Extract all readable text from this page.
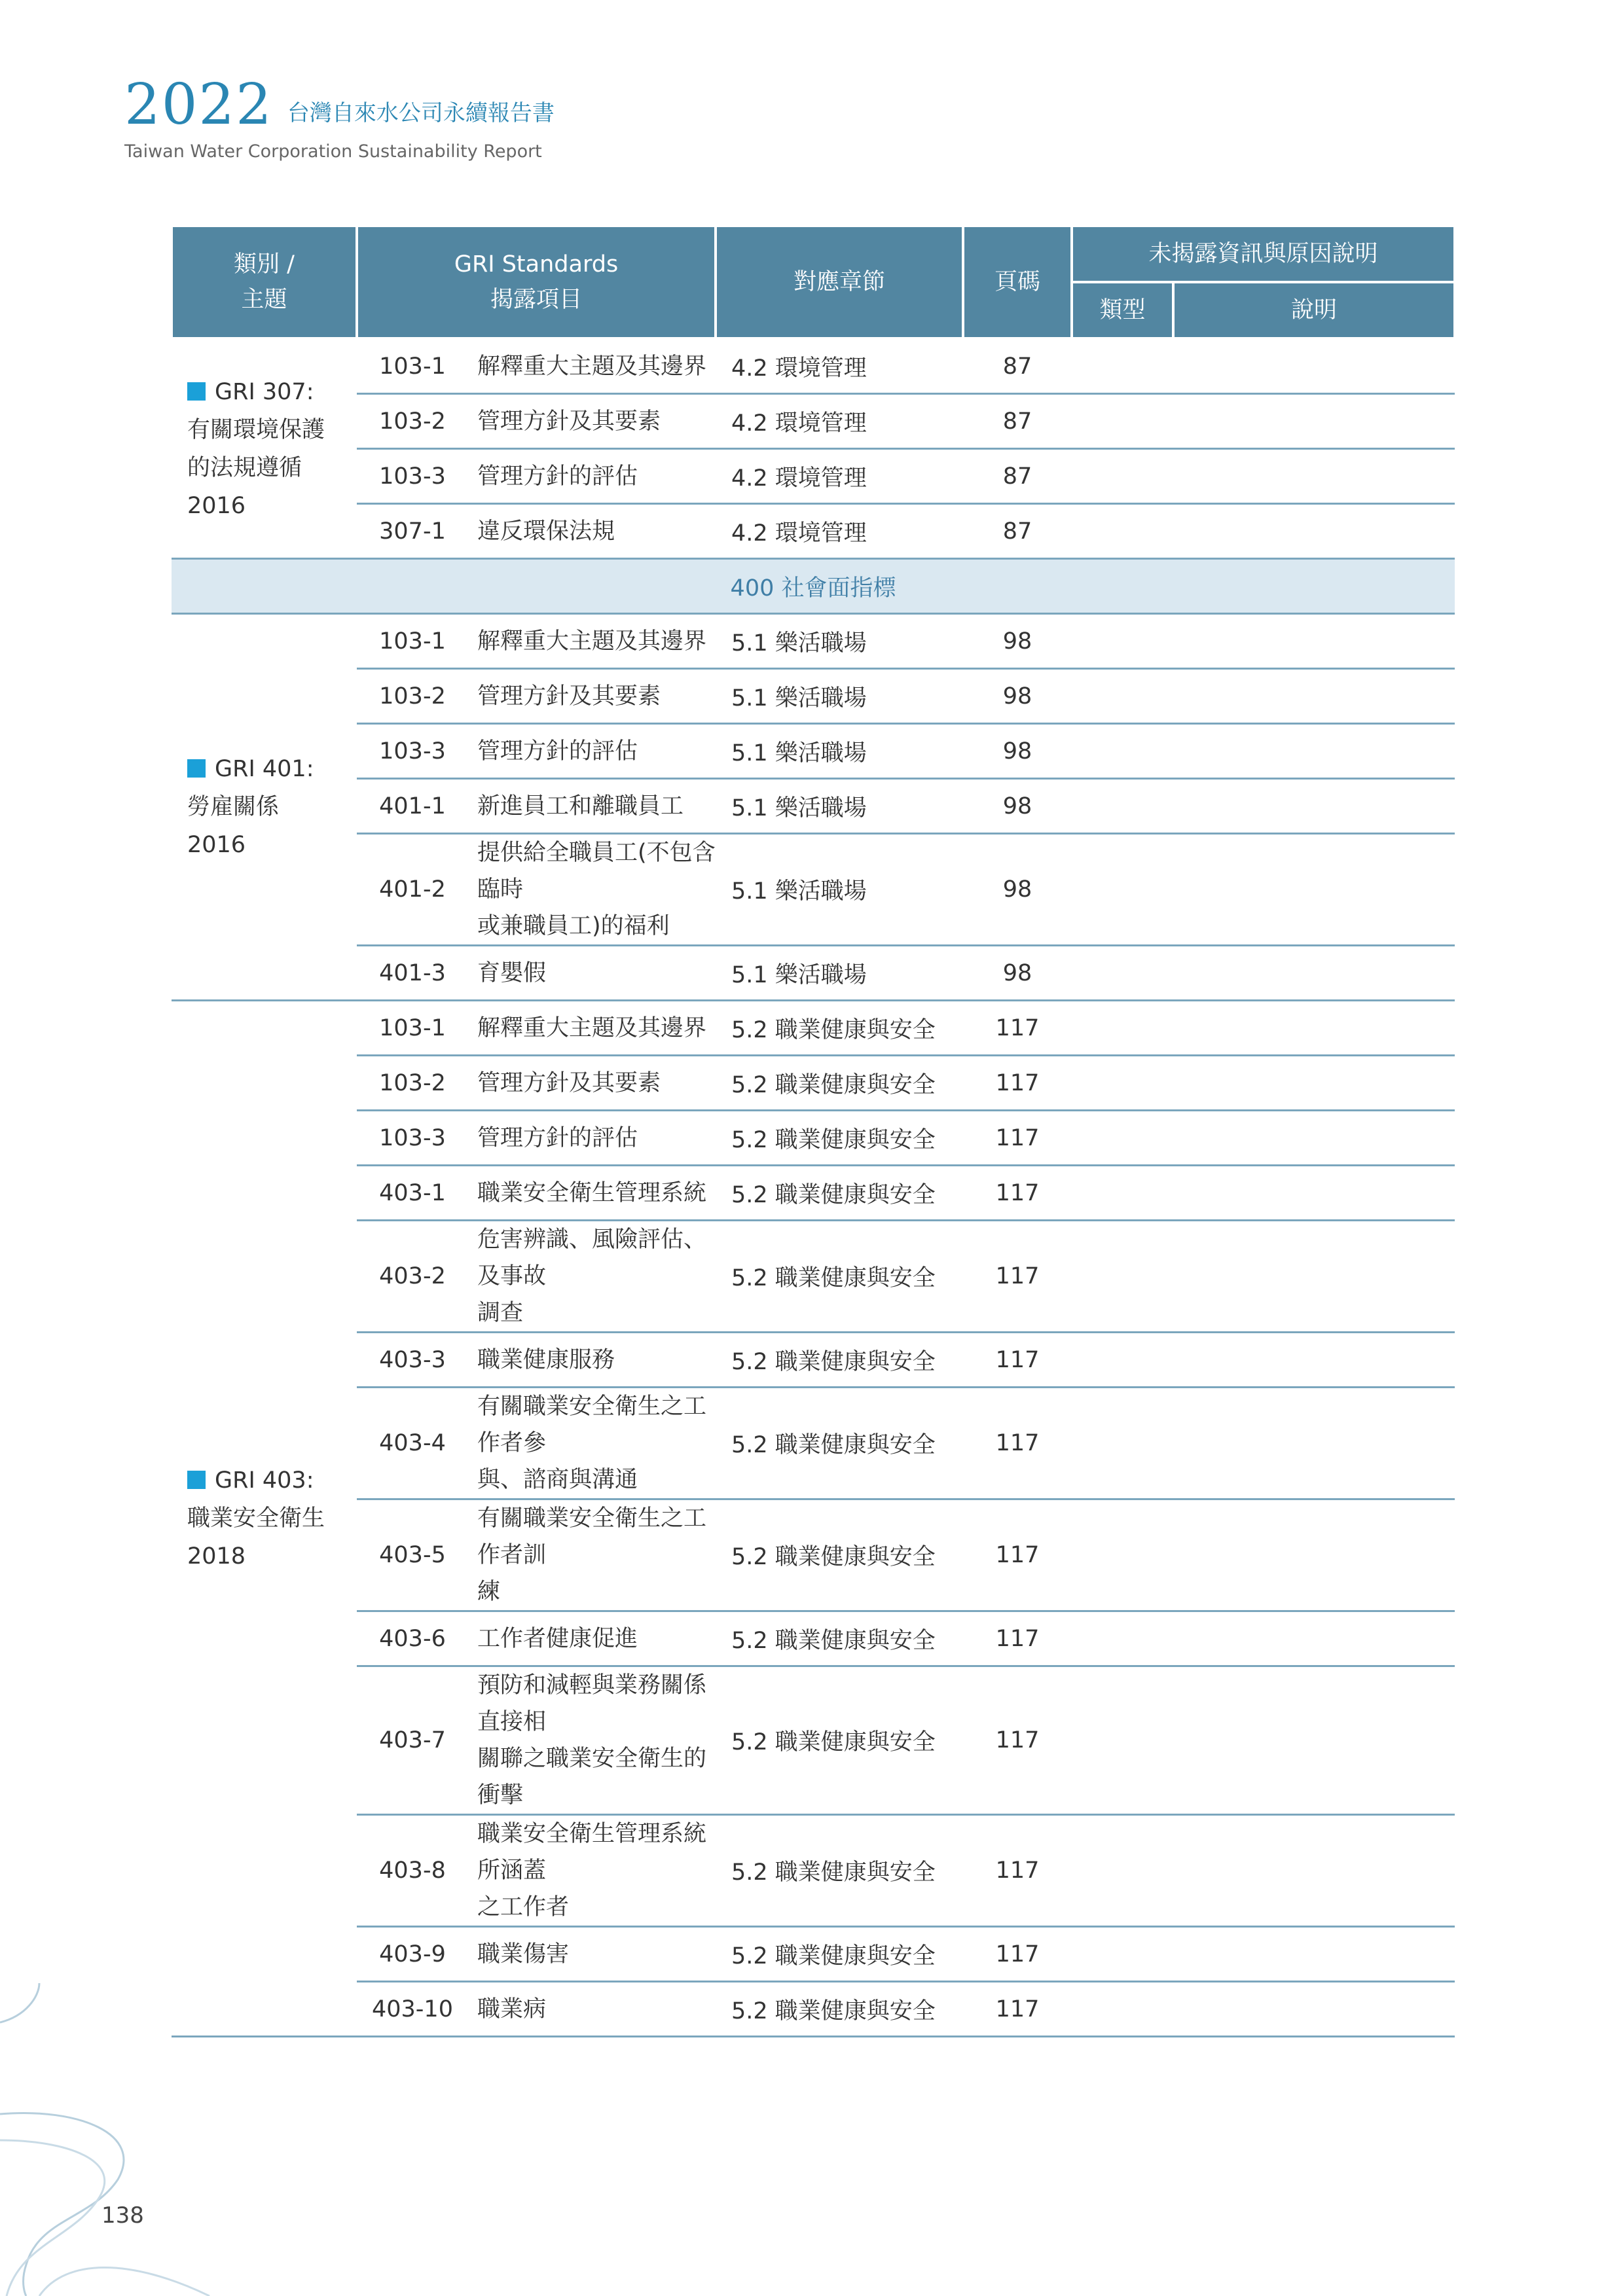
2022 台灣自來水公司永續報告書
Taiwan Water Corporation Sustainability Report
類別 /
主題	GRI Standards
揭露項目		對應章節	頁碼	未揭露資訊與原因說明	
					類型	說明
GRI 307:
有關環境保護
的法規遵循
2016	103-1	解釋重大主題及其邊界	4.2 環境管理	87		
	103-2	管理方針及其要素	4.2 環境管理	87		
	103-3	管理方針的評估	4.2 環境管理	87		
	307-1	違反環保法規	4.2 環境管理	87		
400 社會面指標						
GRI 401:
勞雇關係
2016	103-1	解釋重大主題及其邊界	5.1 樂活職場	98		
	103-2	管理方針及其要素	5.1 樂活職場	98		
	103-3	管理方針的評估	5.1 樂活職場	98		
	401-1	新進員工和離職員工	5.1 樂活職場	98		
	401-2	提供給全職員工(不包含臨時
或兼職員工)的福利	5.1 樂活職場	98		
	401-3	育嬰假	5.1 樂活職場	98		
GRI 403:
職業安全衛生
2018	103-1	解釋重大主題及其邊界	5.2 職業健康與安全	117		
	103-2	管理方針及其要素	5.2 職業健康與安全	117		
	103-3	管理方針的評估	5.2 職業健康與安全	117		
	403-1	職業安全衛生管理系統	5.2 職業健康與安全	117		
	403-2	危害辨識、風險評估、及事故
調查	5.2 職業健康與安全	117		
	403-3	職業健康服務	5.2 職業健康與安全	117		
	403-4	有關職業安全衛生之工作者參
與、諮商與溝通	5.2 職業健康與安全	117		
	403-5	有關職業安全衛生之工作者訓
練	5.2 職業健康與安全	117		
	403-6	工作者健康促進	5.2 職業健康與安全	117		
	403-7	預防和減輕與業務關係直接相
關聯之職業安全衛生的衝擊	5.2 職業健康與安全	117		
	403-8	職業安全衛生管理系統所涵蓋
之工作者	5.2 職業健康與安全	117		
	403-9	職業傷害	5.2 職業健康與安全	117		
	403-10	職業病	5.2 職業健康與安全	117		
138
